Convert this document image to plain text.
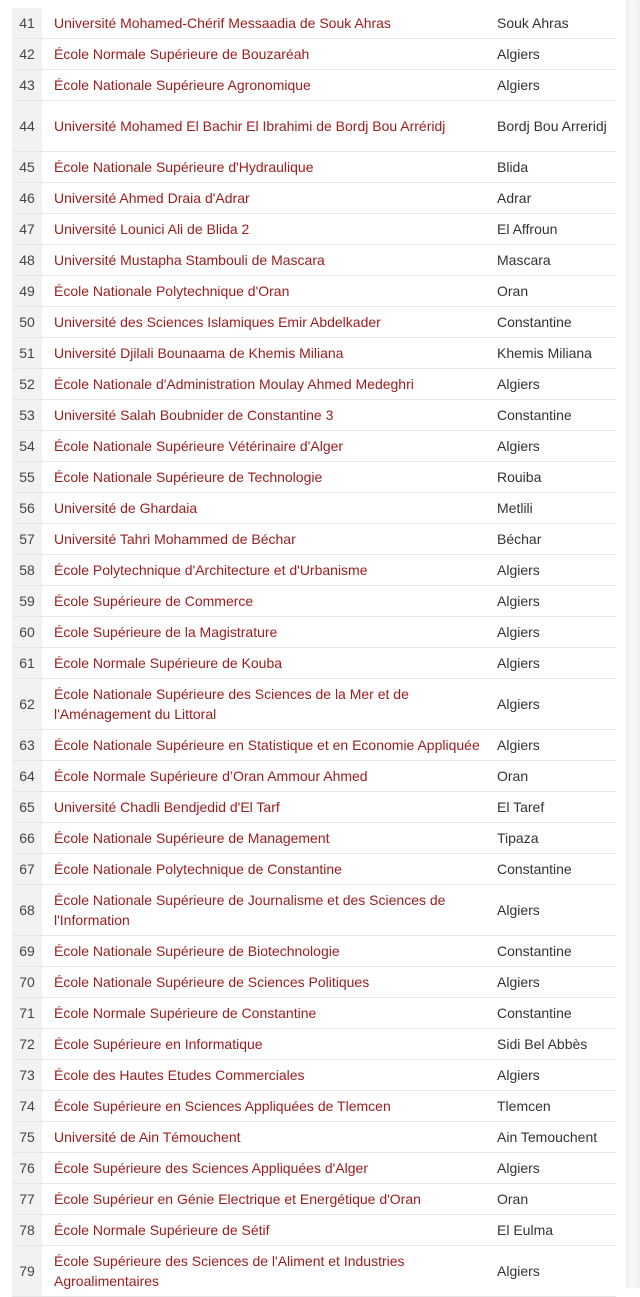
41	Université Mohamed-Chérif Messaadia de Souk Ahras	Souk Ahras
42	École Normale Supérieure de Bouzaréah	Algiers
43	École Nationale Supérieure Agronomique	Algiers
44	Université Mohamed El Bachir El Ibrahimi de Bordj Bou Arréridj	Bordj Bou Arreridj
45	École Nationale Supérieure d'Hydraulique	Blida
46	Université Ahmed Draia d'Adrar	Adrar
47	Université Lounici Ali de Blida 2	El Affroun
48	Université Mustapha Stambouli de Mascara	Mascara
49	École Nationale Polytechnique d'Oran	Oran
50	Université des Sciences Islamiques Emir Abdelkader	Constantine
51	Université Djilali Bounaama de Khemis Miliana	Khemis Miliana
52	École Nationale d'Administration Moulay Ahmed Medeghri	Algiers
53	Université Salah Boubnider de Constantine 3	Constantine
54	École Nationale Supérieure Vétérinaire d'Alger	Algiers
55	École Nationale Supérieure de Technologie	Rouiba
56	Université de Ghardaia	Metlili
57	Université Tahri Mohammed de Béchar	Béchar
58	École Polytechnique d'Architecture et d'Urbanisme	Algiers
59	École Supérieure de Commerce	Algiers
60	École Supérieure de la Magistrature	Algiers
61	École Normale Supérieure de Kouba	Algiers
62	École Nationale Supérieure des Sciences de la Mer et de l'Aménagement du Littoral	Algiers
63	École Nationale Supérieure en Statistique et en Economie Appliquée	Algiers
64	École Normale Supérieure d’Oran Ammour Ahmed	Oran
65	Université Chadli Bendjedid d'El Tarf	El Taref
66	École Nationale Supérieure de Management	Tipaza
67	École Nationale Polytechnique de Constantine	Constantine
68	École Nationale Supérieure de Journalisme et des Sciences de l'Information	Algiers
69	École Nationale Supérieure de Biotechnologie	Constantine
70	École Nationale Supérieure de Sciences Politiques	Algiers
71	École Normale Supérieure de Constantine	Constantine
72	École Supérieure en Informatique	Sidi Bel Abbès
73	École des Hautes Etudes Commerciales	Algiers
74	École Supérieure en Sciences Appliquées de Tlemcen	Tlemcen
75	Université de Ain Témouchent	Ain Temouchent
76	École Supérieure des Sciences Appliquées d'Alger	Algiers
77	École Supérieur en Génie Electrique et Energétique d'Oran	Oran
78	École Normale Supérieure de Sétif	El Eulma
79	École Supérieure des Sciences de l'Aliment et Industries Agroalimentaires	Algiers
